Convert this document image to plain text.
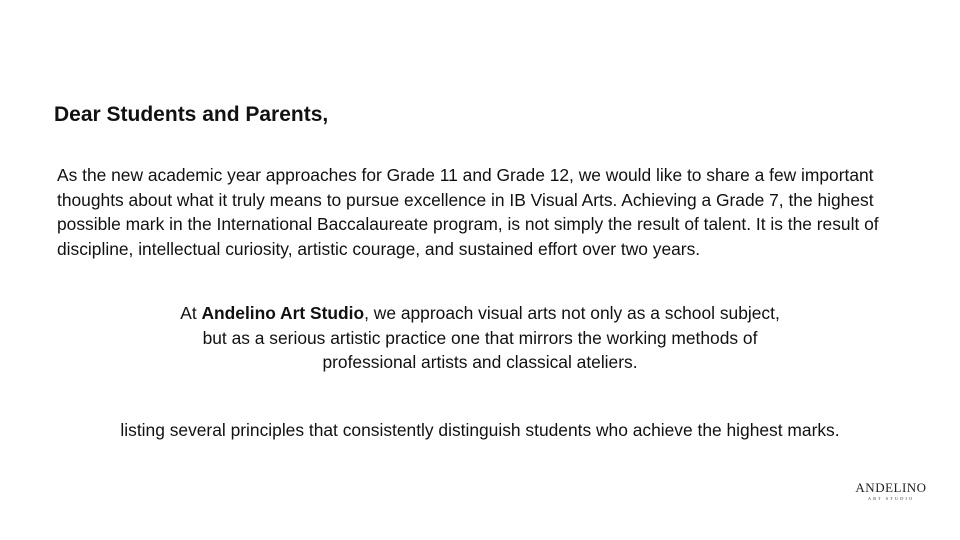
Dear Students and Parents,

As the new academic year approaches for Grade 11 and Grade 12, we would like to share a few important thoughts about what it truly means to pursue excellence in IB Visual Arts. Achieving a Grade 7, the highest possible mark in the International Baccalaureate program, is not simply the result of talent. It is the result of discipline, intellectual curiosity, artistic courage, and sustained effort over two years.

At Andelino Art Studio, we approach visual arts not only as a school subject,
but as a serious artistic practice one that mirrors the working methods of
professional artists and classical ateliers.

listing several principles that consistently distinguish students who achieve the highest marks.

ANDELINO
ART STUDIO
